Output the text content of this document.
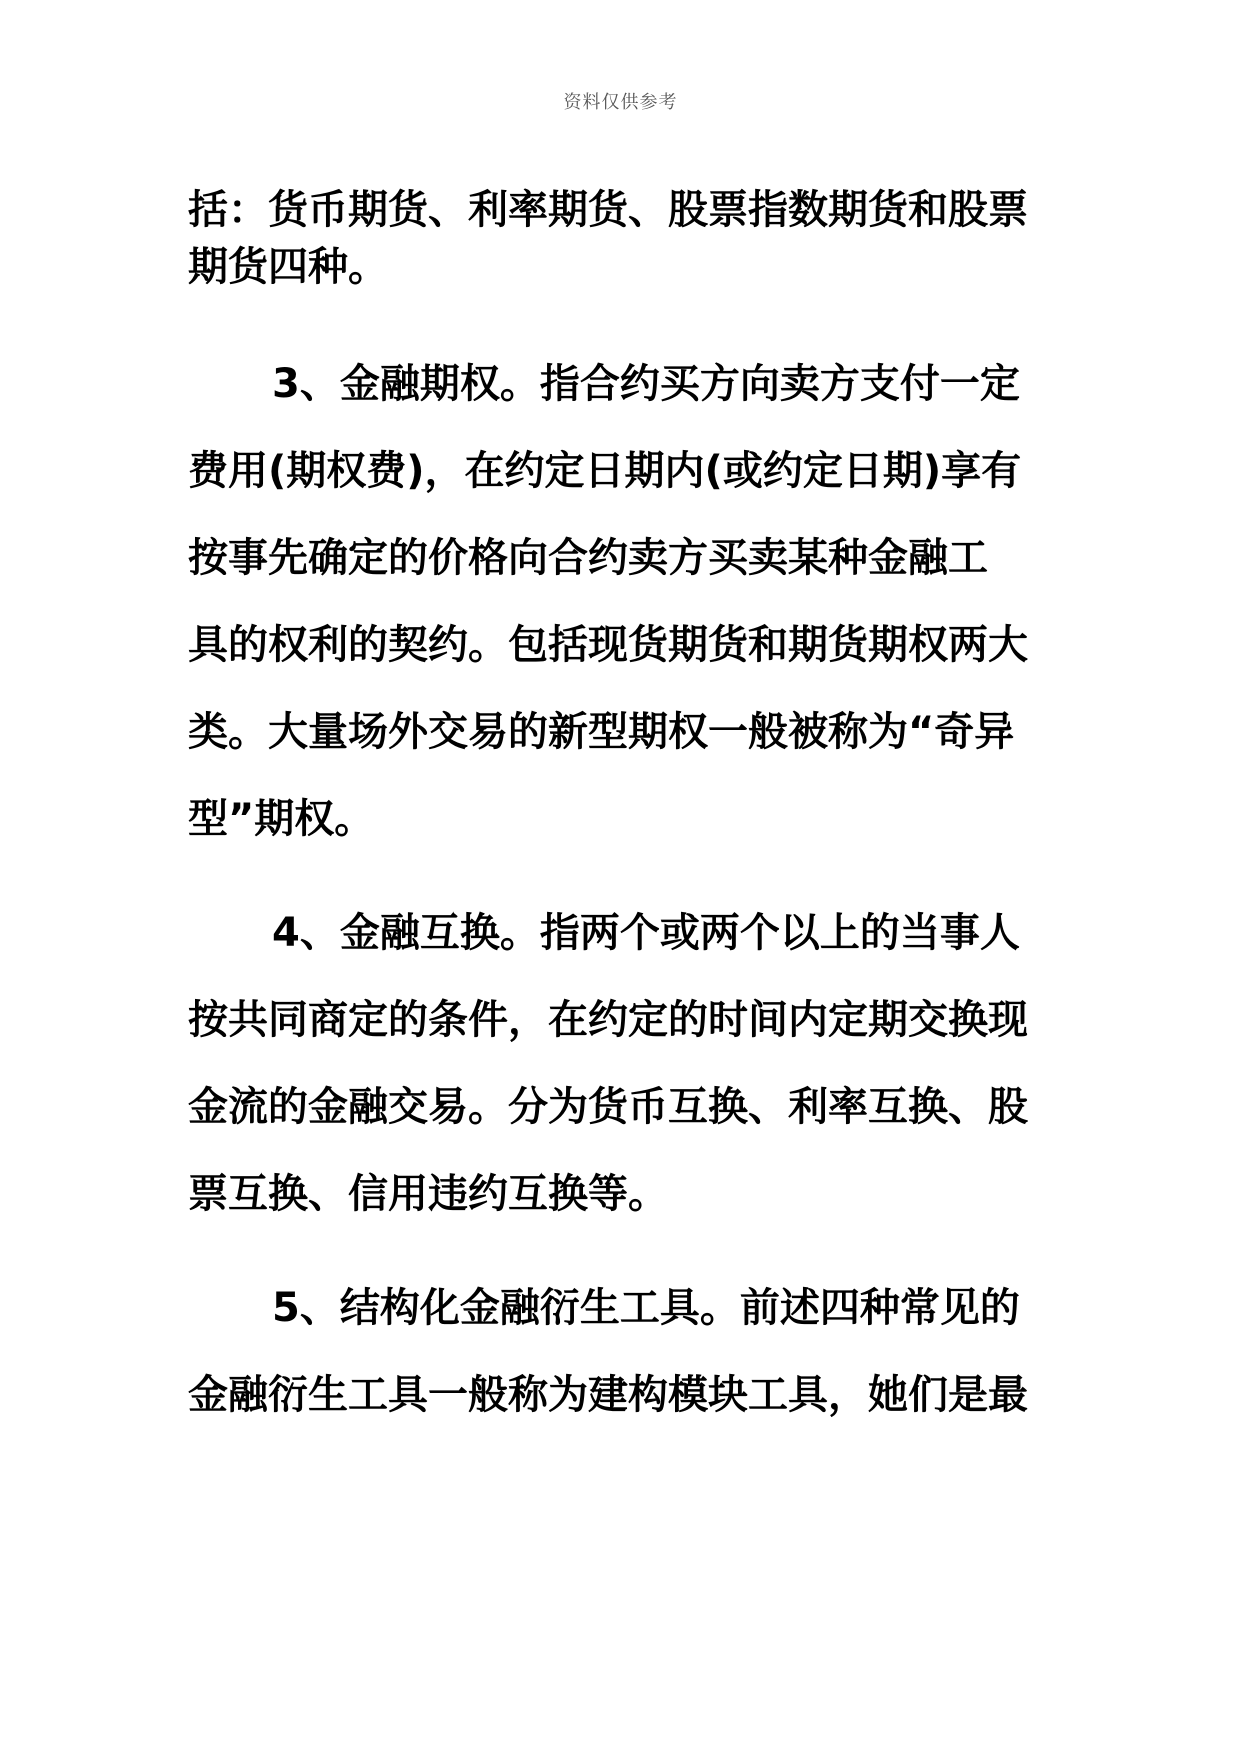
资料仅供参考
括：货币期货、利率期货、股票指数期货和股票
期货四种。
3、金融期权。指合约买方向卖方支付一定
费用(期权费)，在约定日期内(或约定日期)享有
按事先确定的价格向合约卖方买卖某种金融工
具的权利的契约。包括现货期货和期货期权两大
类。大量场外交易的新型期权一般被称为“奇异
型”期权。
4、金融互换。指两个或两个以上的当事人
按共同商定的条件，在约定的时间内定期交换现
金流的金融交易。分为货币互换、利率互换、股
票互换、信用违约互换等。
5、结构化金融衍生工具。前述四种常见的
金融衍生工具一般称为建构模块工具，她们是最
